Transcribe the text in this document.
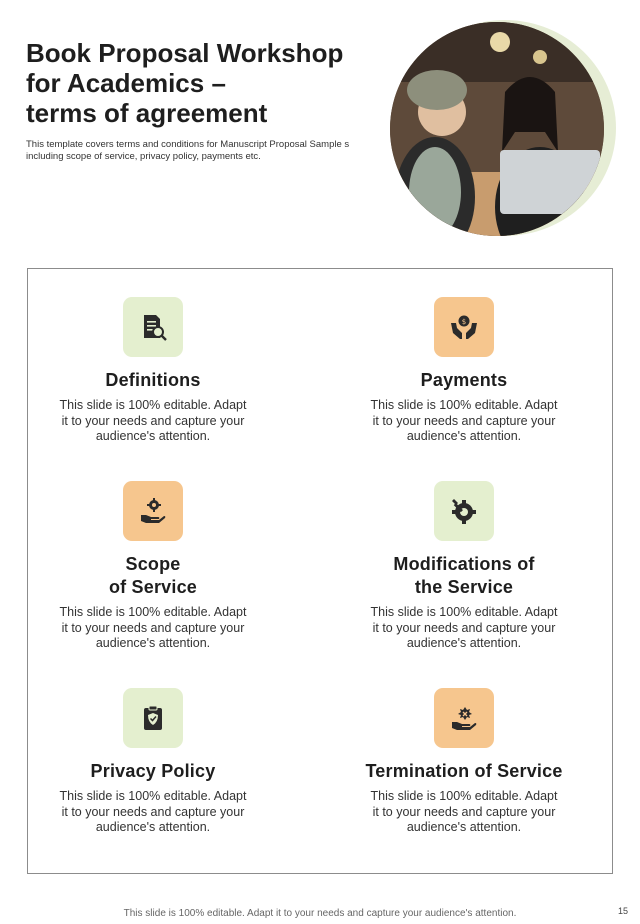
Book Proposal Workshop
for Academics –
terms of agreement
This template covers terms and conditions for Manuscript Proposal Sample s
including scope of service, privacy policy, payments etc.
Definitions
This slide is 100% editable. Adapt
it to your needs and capture your
audience's attention.
$
Payments
This slide is 100% editable. Adapt
it to your needs and capture your
audience's attention.
Scope
of Service
This slide is 100% editable. Adapt
it to your needs and capture your
audience's attention.
Modifications of
the Service
This slide is 100% editable. Adapt
it to your needs and capture your
audience's attention.
Privacy Policy
This slide is 100% editable. Adapt
it to your needs and capture your
audience's attention.
Termination of Service
This slide is 100% editable. Adapt
it to your needs and capture your
audience's attention.
This slide is 100% editable. Adapt it to your needs and capture your audience's attention.	15
